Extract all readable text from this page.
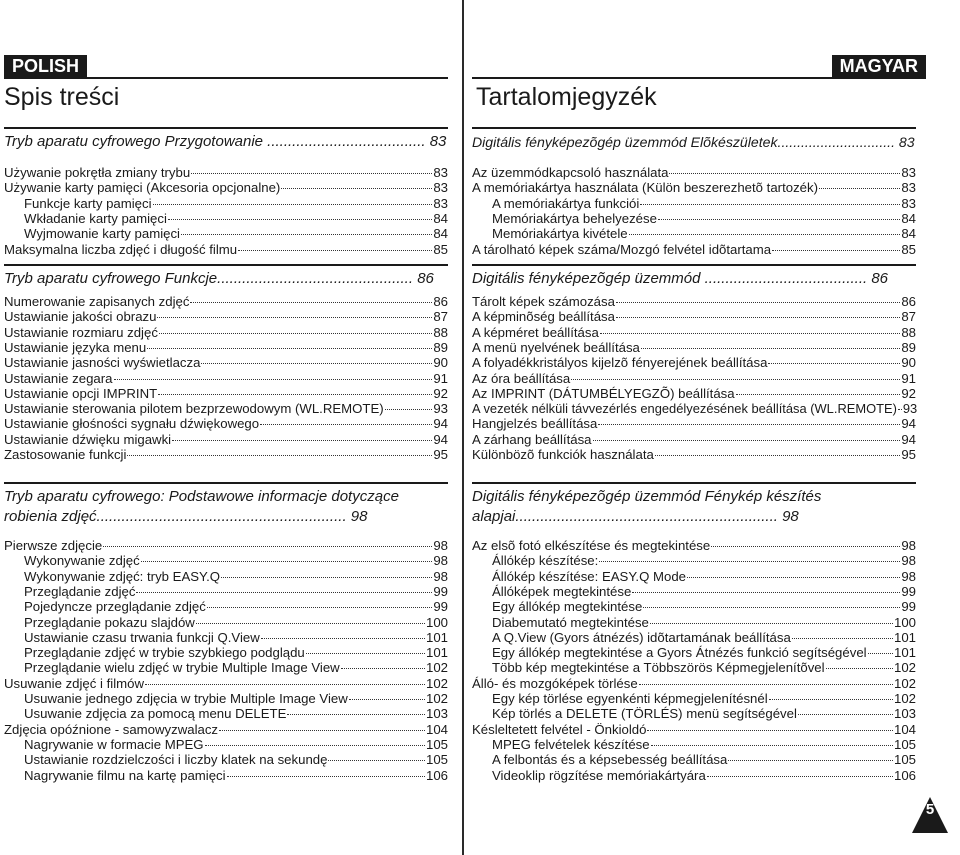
POLISH	MAGYAR
Spis treści	Tartalomjegyzék
Tryb aparatu cyfrowego Przygotowanie ...................................... 83
Używanie pokrętła zmiany trybu	83
Używanie karty pamięci (Akcesoria opcjonalne)	83
Funkcje karty pamięci	83
Wkładanie karty pamięci	84
Wyjmowanie karty pamięci	84
Maksymalna liczba zdjęć i długość filmu	85
Tryb aparatu cyfrowego Funkcje............................................... 86
Numerowanie zapisanych zdjęć	86
Ustawianie jakości obrazu	87
Ustawianie rozmiaru zdjęć	88
Ustawianie języka menu	89
Ustawianie jasności wyświetlacza	90
Ustawianie zegara	91
Ustawianie opcji IMPRINT	92
Ustawianie sterowania pilotem bezprzewodowym (WL.REMOTE)	93
Ustawianie głośności sygnału dźwiękowego	94
Ustawianie dźwięku migawki	94
Zastosowanie funkcji	95
Tryb aparatu cyfrowego: Podstawowe informacje dotyczące robienia zdjęć............................................................ 98
Pierwsze zdjęcie	98
Wykonywanie zdjęć	98
Wykonywanie zdjęć: tryb EASY.Q	98
Przeglądanie zdjęć	99
Pojedyncze przeglądanie zdjęć	99
Przeglądanie pokazu slajdów	100
Ustawianie czasu trwania funkcji Q.View	101
Przeglądanie zdjęć w trybie szybkiego podglądu	101
Przeglądanie wielu zdjęć w trybie Multiple Image View	102
Usuwanie zdjęć i filmów	102
Usuwanie jednego zdjęcia w trybie Multiple Image View	102
Usuwanie zdjęcia za pomocą menu DELETE	103
Zdjęcia opóźnione - samowyzwalacz	104
Nagrywanie w formacie MPEG	105
Ustawianie rozdzielczości i liczby klatek na sekundę	105
Nagrywanie filmu na kartę pamięci	106
Digitális fényképezõgép üzemmód Elõkészületek.............................. 83
Az üzemmódkapcsoló használata	83
A memóriakártya használata (Külön beszerezhetõ tartozék)	83
A memóriakártya funkciói	83
Memóriakártya behelyezése	84
Memóriakártya kivétele	84
A tárolható képek száma/Mozgó felvétel idõtartama	85
Digitális fényképezõgép üzemmód ....................................... 86
Tárolt képek számozása	86
A képminõség beállítása	87
A képméret beállítása	88
A menü nyelvének beállítása	89
A folyadékkristályos kijelzõ fényerejének beállítása	90
Az óra beállítása	91
Az IMPRINT (DÁTUMBÉLYEGZÕ) beállítása	92
A vezeték nélküli távvezérlés engedélyezésének beállítása (WL.REMOTE) 93
Hangjelzés beállítása	94
A zárhang beállítása	94
Különbözõ funkciók használata	95
Digitális fényképezõgép üzemmód Fénykép készítés alapjai............................................................... 98
Az elsõ fotó elkészítése és megtekintése	98
Állókép készítése:	98
Állókép készítése: EASY.Q Mode	98
Állóképek megtekintése	99
Egy állókép megtekintése	99
Diabemutató megtekintése	100
A Q.View (Gyors átnézés) idõtartamának beállítása	101
Egy állókép megtekintése a Gyors Átnézés funkció segítségével 101
Több kép megtekintése a Többszörös Képmegjelenítõvel	102
Álló- és mozgóképek törlése	102
Egy kép törlése egyenkénti képmegjelenítésnél	102
Kép törlés a DELETE (TÖRLÉS) menü segítségével	103
Késleltetett felvétel - Önkioldó	104
MPEG felvételek készítése	105
A felbontás és a képsebesség beállítása	105
Videoklip rögzítése memóriakártyára	106
5
